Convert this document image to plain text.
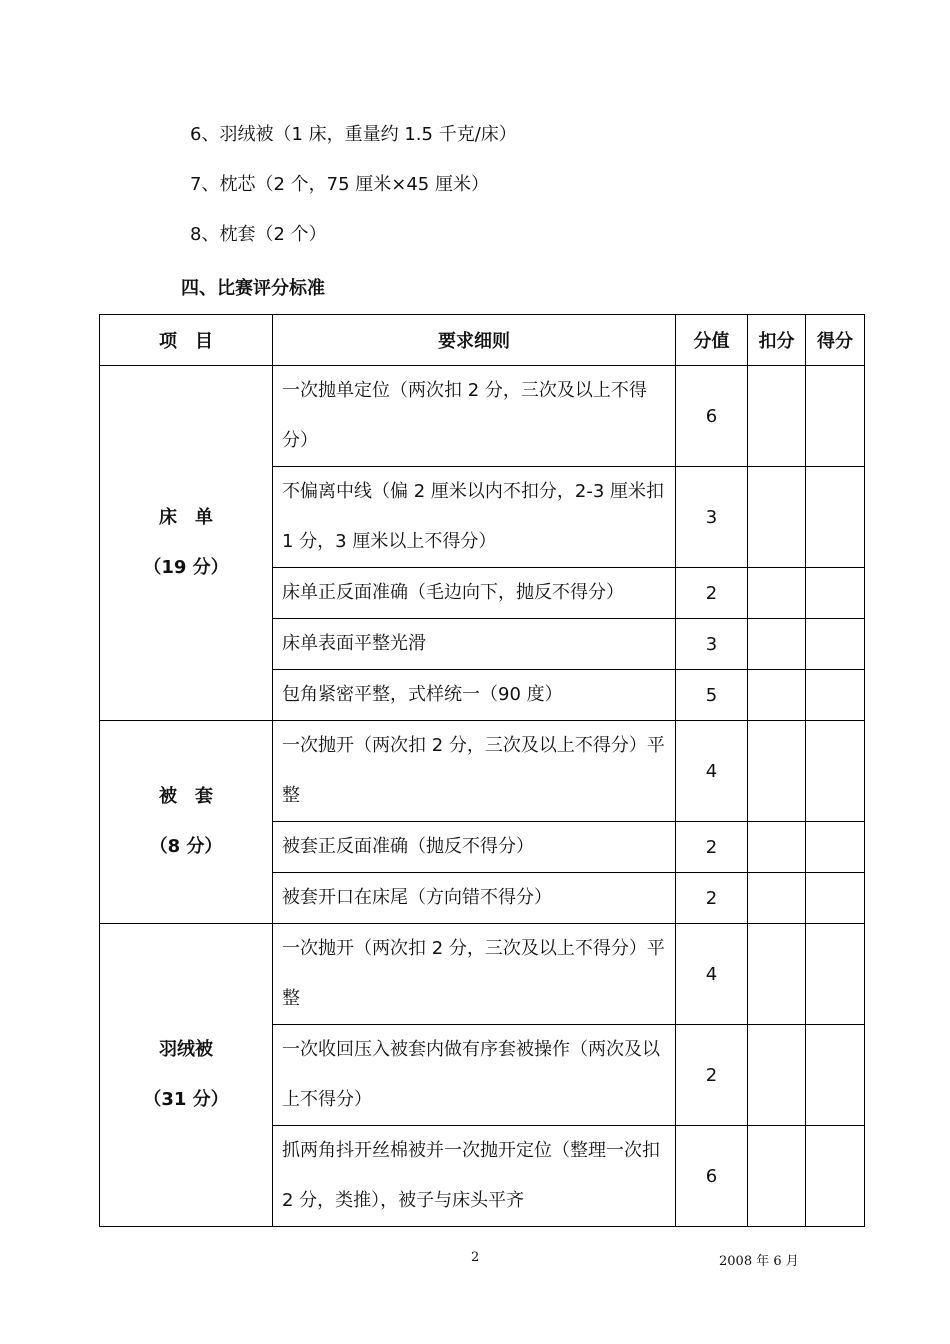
6、羽绒被（1 床，重量约 1.5 千克/床）
7、枕芯（2 个，75 厘米×45 厘米）
8、枕套（2 个）
四、比赛评分标准
项　目	要求细则	分值	扣分	得分

床　单
（19 分）	一次抛单定位（两次扣 2 分，三次及以上不得分）	6		
	不偏离中线（偏 2 厘米以内不扣分，2-3 厘米扣 1 分，3 厘米以上不得分）	3		
	床单正反面准确（毛边向下，抛反不得分）	2		
	床单表面平整光滑	3		
	包角紧密平整，式样统一（90 度）	5		

被　套
（8 分）	一次抛开（两次扣 2 分，三次及以上不得分）平整	4		
	被套正反面准确（抛反不得分）	2		
	被套开口在床尾（方向错不得分）	2		

羽绒被
（31 分）	一次抛开（两次扣 2 分，三次及以上不得分）平整	4		
	一次收回压入被套内做有序套被操作（两次及以上不得分）	2		
	抓两角抖开丝棉被并一次抛开定位（整理一次扣 2 分，类推），被子与床头平齐	6		
2	2008 年 6 月
